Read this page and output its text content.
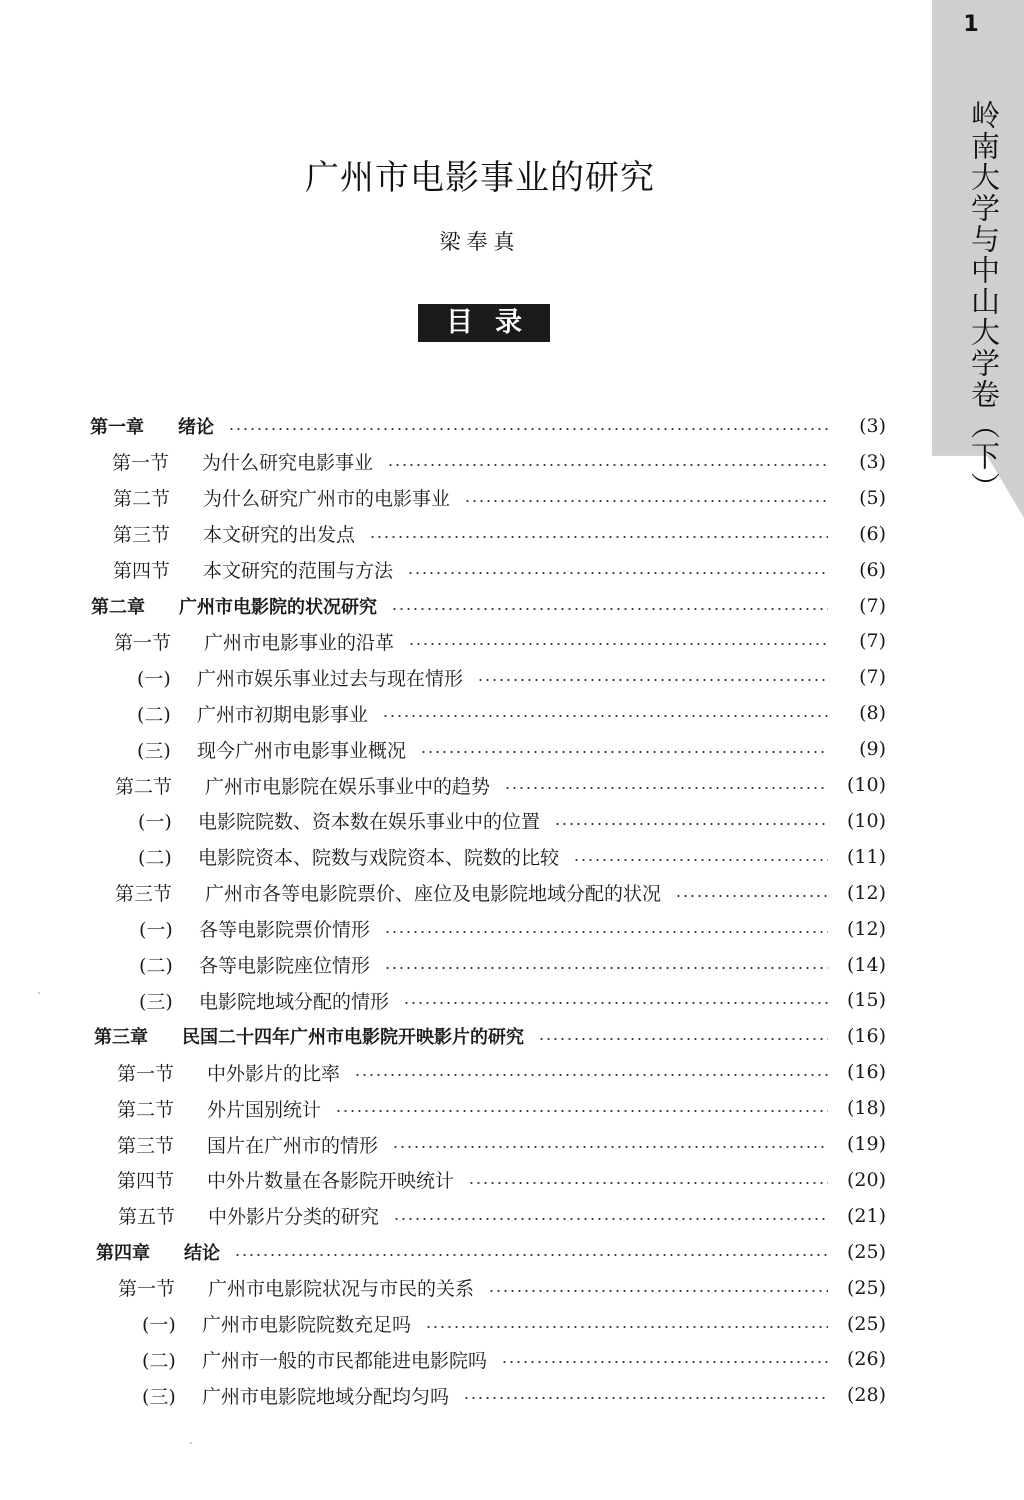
1
岭南大学与中山大学卷（下）
广州市电影事业的研究
梁奉真
目录
第一章	绪论	(3)
第一节	为什么研究电影事业	(3)
第二节	为什么研究广州市的电影事业	(5)
第三节	本文研究的出发点	(6)
第四节	本文研究的范围与方法	(6)
第二章	广州市电影院的状况研究	(7)
第一节	广州市电影事业的沿革	(7)
(一)	广州市娱乐事业过去与现在情形	(7)
(二)	广州市初期电影事业	(8)
(三)	现今广州市电影事业概况	(9)
第二节	广州市电影院在娱乐事业中的趋势	(10)
(一)	电影院院数、资本数在娱乐事业中的位置	(10)
(二)	电影院资本、院数与戏院资本、院数的比较	(11)
第三节	广州市各等电影院票价、座位及电影院地域分配的状况	(12)
(一)	各等电影院票价情形	(12)
(二)	各等电影院座位情形	(14)
(三)	电影院地域分配的情形	(15)
第三章	民国二十四年广州市电影院开映影片的研究	(16)
第一节	中外影片的比率	(16)
第二节	外片国别统计	(18)
第三节	国片在广州市的情形	(19)
第四节	中外片数量在各影院开映统计	(20)
第五节	中外影片分类的研究	(21)
第四章	结论	(25)
第一节	广州市电影院状况与市民的关系	(25)
(一)	广州市电影院院数充足吗	(25)
(二)	广州市一般的市民都能进电影院吗	(26)
(三)	广州市电影院地域分配均匀吗	(28)
